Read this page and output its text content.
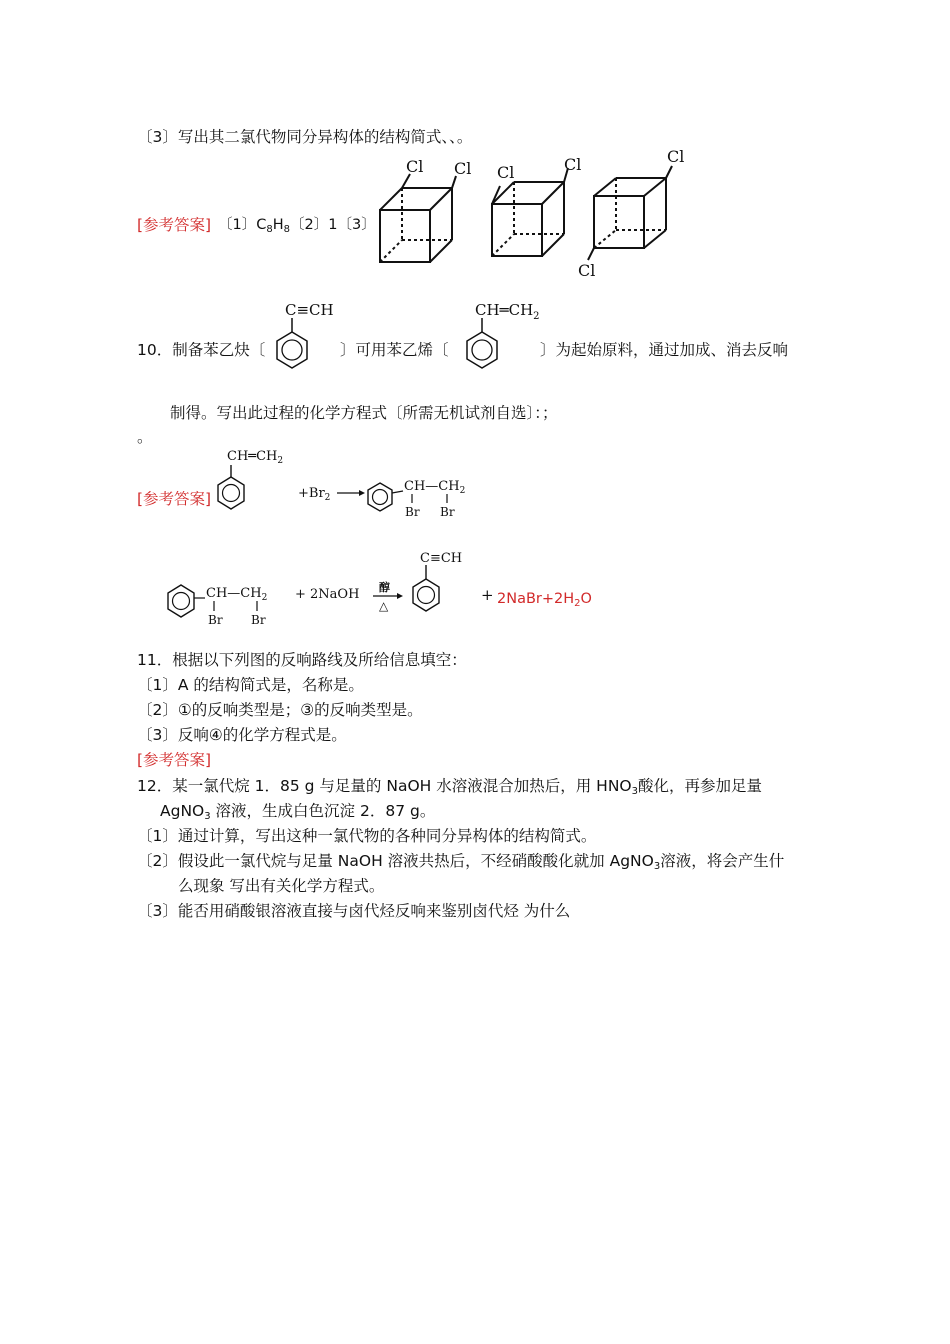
〔3〕写出其二氯代物同分异构体的结构简式、、。
[参考答案] 〔1〕$C_8H_8$〔2〕1〔3〕
Cl Cl Cl	Cl	Cl
Cl
10．制备苯乙炔〔
C≡CH
〕可用苯乙烯〔
$CH═CH_2$
〕为起始原料，通过加成、消去反响
制得。写出此过程的化学方程式〔所需无机试剂自选〕：；
。
[参考答案]
$CH═CH_2$
$+Br_2$
$CH—CH_2$
Br Br
$CH—CH_2$
Br Br
+ 2NaOH 醇
△
C≡CH
+ $2NaBr+2H_2O$
11．根据以下列图的反响路线及所给信息填空：
〔1〕A 的结构简式是，名称是。
〔2〕①的反响类型是；③的反响类型是。
〔3〕反响④的化学方程式是。
[参考答案]
12．某一氯代烷 1．85 g 与足量的 NaOH 水溶液混合加热后，用 $HNO_3$酸化，再参加足量
AgNO$_3$ 溶液，生成白色沉淀 2．87 g。
〔1〕通过计算，写出这种一氯代物的各种同分异构体的结构简式。
〔2〕假设此一氯代烷与足量 NaOH 溶液共热后，不经硝酸酸化就加 AgNO$_3$溶液，将会产生什
么现象 写出有关化学方程式。
〔3〕能否用硝酸银溶液直接与卤代烃反响来鉴别卤代烃 为什么
